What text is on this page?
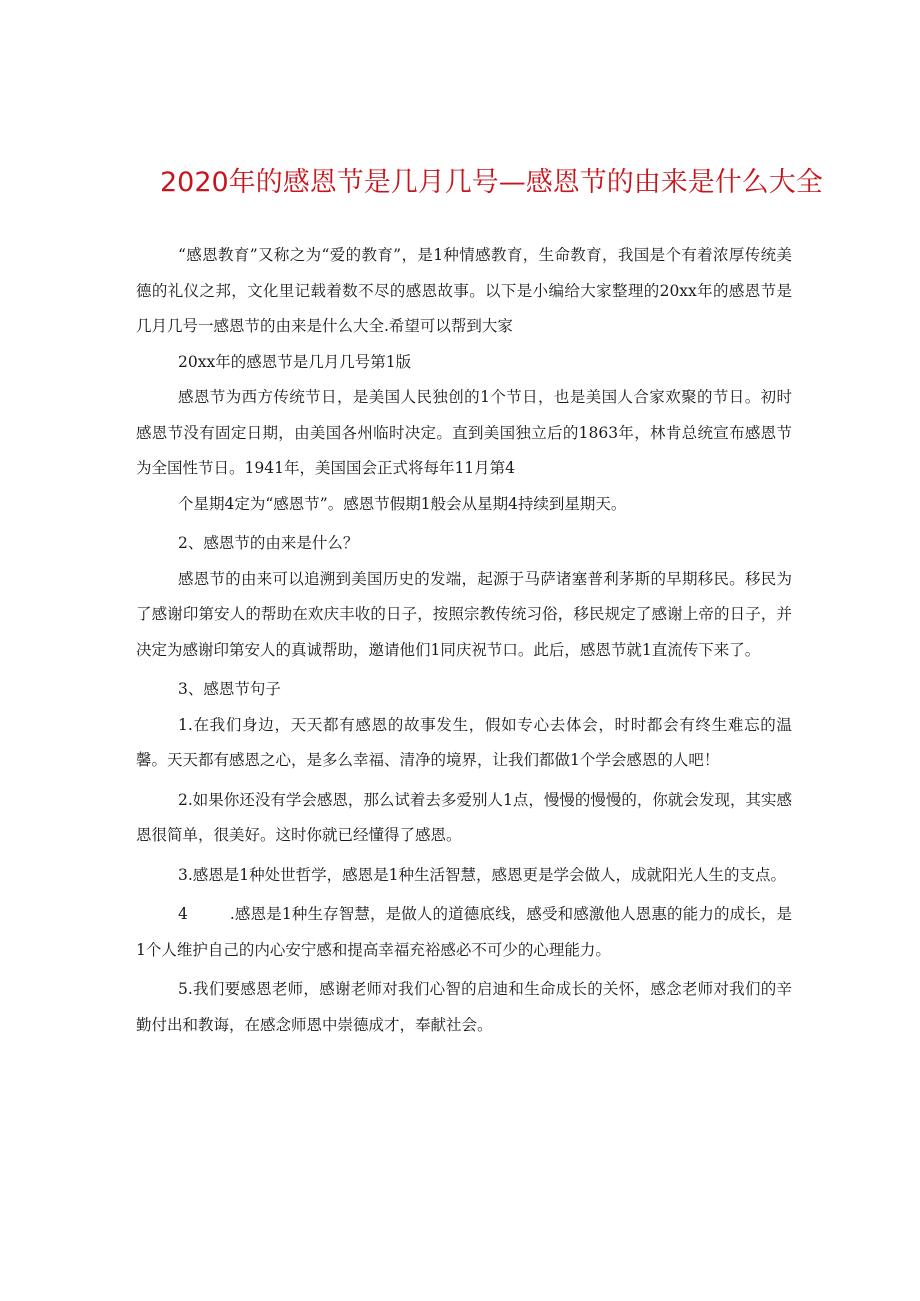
2020年的感恩节是几月几号—感恩节的由来是什么大全

“感恩教育”又称之为“爱的教育”，是1种情感教育，生命教育，我国是个有着浓厚传统美德的礼仪之邦，文化里记载着数不尽的感恩故事。以下是小编给大家整理的20xx年的感恩节是几月几号一感恩节的由来是什么大全.希望可以帮到大家

20xx年的感恩节是几月几号第1版

感恩节为西方传统节日，是美国人民独创的1个节日，也是美国人合家欢聚的节日。初时感恩节没有固定日期，由美国各州临时决定。直到美国独立后的1863年，林肯总统宣布感恩节为全国性节日。1941年，美国国会正式将每年11月第4

个星期4定为“感恩节”。感恩节假期1般会从星期4持续到星期天。

2、感恩节的由来是什么？

感恩节的由来可以追溯到美国历史的发端，起源于马萨诸塞普利茅斯的早期移民。移民为了感谢印第安人的帮助在欢庆丰收的日子，按照宗教传统习俗，移民规定了感谢上帝的日子，并决定为感谢印第安人的真诚帮助，邀请他们1同庆祝节口。此后，感恩节就1直流传下来了。

3、感恩节句子

1.在我们身边，天天都有感恩的故事发生，假如专心去体会，时时都会有终生难忘的温馨。天天都有感恩之心，是多么幸福、清净的境界，让我们都做1个学会感恩的人吧！

2.如果你还没有学会感恩，那么试着去多爱别人1点，慢慢的慢慢的，你就会发现，其实感恩很简单，很美好。这时你就已经懂得了感恩。

3.感恩是1种处世哲学，感恩是1种生活智慧，感恩更是学会做人，成就阳光人生的支点。

4	.感恩是1种生存智慧，是做人的道德底线，感受和感激他人恩惠的能力的成长，是1个人维护自己的内心安宁感和提高幸福充裕感必不可少的心理能力。

5.我们要感恩老师，感谢老师对我们心智的启迪和生命成长的关怀，感念老师对我们的辛勤付出和教诲，在感念师恩中崇德成才，奉献社会。
